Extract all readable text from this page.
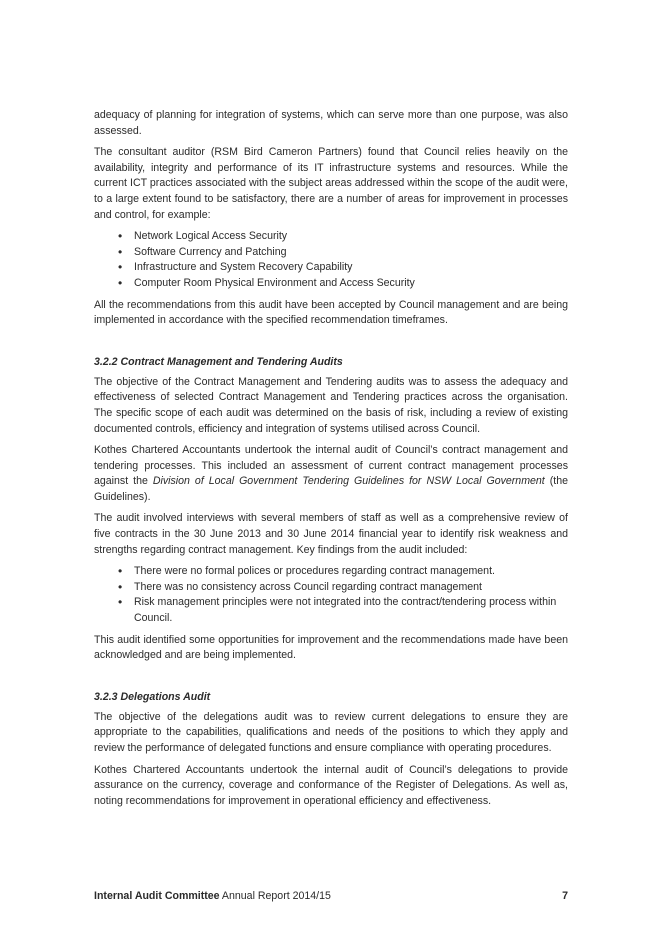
adequacy of planning for integration of systems, which can serve more than one purpose, was also assessed.

The consultant auditor (RSM Bird Cameron Partners) found that Council relies heavily on the availability, integrity and performance of its IT infrastructure systems and resources. While the current ICT practices associated with the subject areas addressed within the scope of the audit were, to a large extent found to be satisfactory, there are a number of areas for improvement in processes and control, for example:

• Network Logical Access Security
• Software Currency and Patching
• Infrastructure and System Recovery Capability
• Computer Room Physical Environment and Access Security

All the recommendations from this audit have been accepted by Council management and are being implemented in accordance with the specified recommendation timeframes.

3.2.2 Contract Management and Tendering Audits

The objective of the Contract Management and Tendering audits was to assess the adequacy and effectiveness of selected Contract Management and Tendering practices across the organisation. The specific scope of each audit was determined on the basis of risk, including a review of existing documented controls, efficiency and integration of systems utilised across Council.

Kothes Chartered Accountants undertook the internal audit of Council’s contract management and tendering processes. This included an assessment of current contract management processes against the Division of Local Government Tendering Guidelines for NSW Local Government (the Guidelines).

The audit involved interviews with several members of staff as well as a comprehensive review of five contracts in the 30 June 2013 and 30 June 2014 financial year to identify risk weakness and strengths regarding contract management. Key findings from the audit included:

• There were no formal polices or procedures regarding contract management.
• There was no consistency across Council regarding contract management
• Risk management principles were not integrated into the contract/tendering process within Council.

This audit identified some opportunities for improvement and the recommendations made have been acknowledged and are being implemented.

3.2.3 Delegations Audit

The objective of the delegations audit was to review current delegations to ensure they are appropriate to the capabilities, qualifications and needs of the positions to which they apply and review the performance of delegated functions and ensure compliance with operating procedures.

Kothes Chartered Accountants undertook the internal audit of Council’s delegations to provide assurance on the currency, coverage and conformance of the Register of Delegations. As well as, noting recommendations for improvement in operational efficiency and effectiveness.

Internal Audit Committee Annual Report 2014/15	7
